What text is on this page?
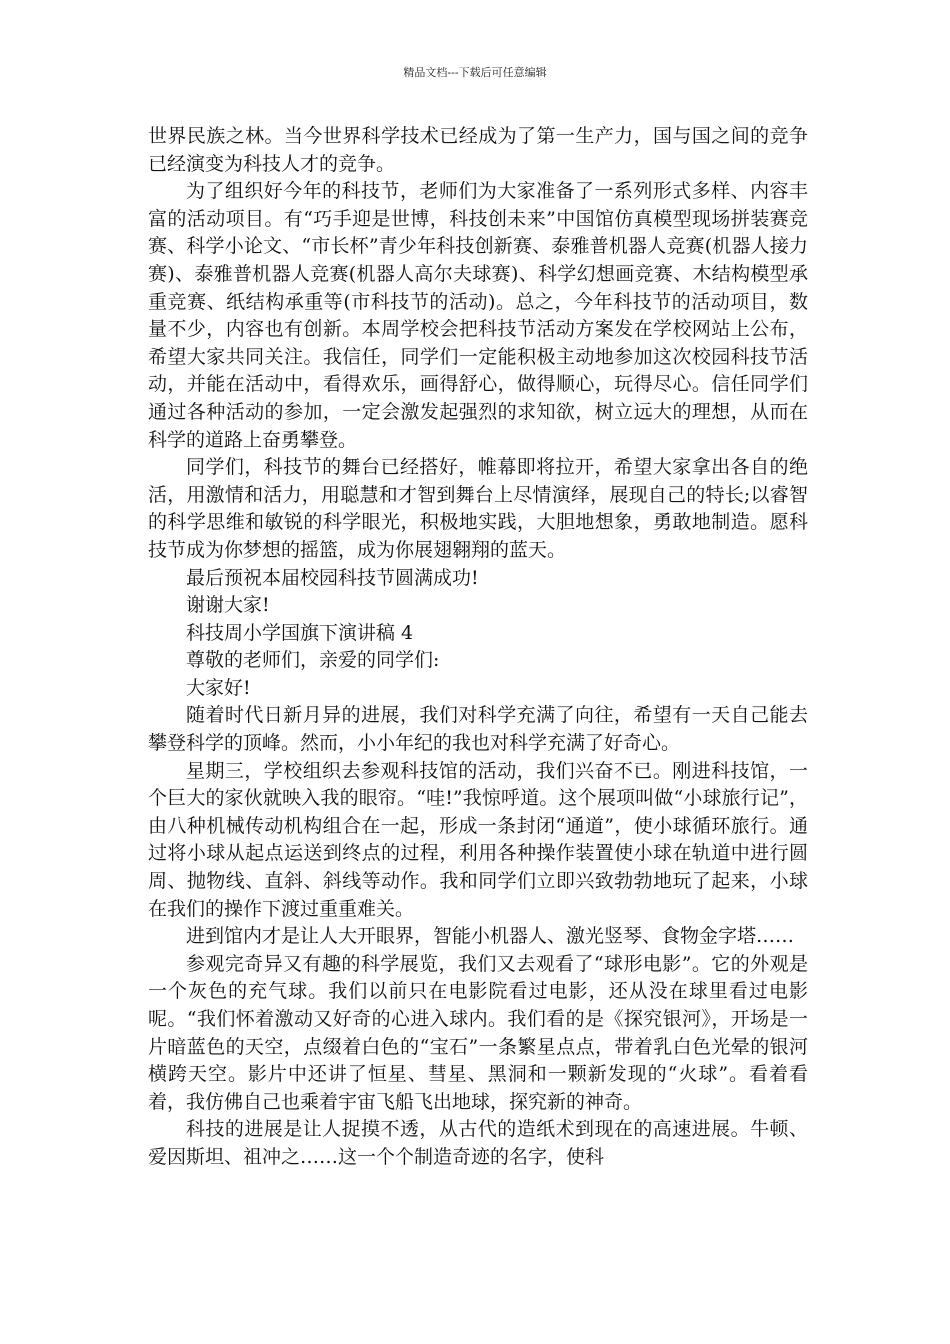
精品文档---下载后可任意编辑

世界民族之林。当今世界科学技术已经成为了第一生产力，国与国之间的竞争已经演变为科技人才的竞争。

为了组织好今年的科技节，老师们为大家准备了一系列形式多样、内容丰富的活动项目。有“巧手迎是世博，科技创未来”中国馆仿真模型现场拼装赛竞赛、科学小论文、“市长杯”青少年科技创新赛、泰雅普机器人竞赛(机器人接力赛)、泰雅普机器人竞赛(机器人高尔夫球赛)、科学幻想画竞赛、木结构模型承重竞赛、纸结构承重等(市科技节的活动)。总之，今年科技节的活动项目，数量不少，内容也有创新。本周学校会把科技节活动方案发在学校网站上公布，希望大家共同关注。我信任，同学们一定能积极主动地参加这次校园科技节活动，并能在活动中，看得欢乐，画得舒心，做得顺心，玩得尽心。信任同学们通过各种活动的参加，一定会激发起强烈的求知欲，树立远大的理想，从而在科学的道路上奋勇攀登。

同学们，科技节的舞台已经搭好，帷幕即将拉开，希望大家拿出各自的绝活，用激情和活力，用聪慧和才智到舞台上尽情演绎，展现自己的特长;以睿智的科学思维和敏锐的科学眼光，积极地实践，大胆地想象，勇敢地制造。愿科技节成为你梦想的摇篮，成为你展翅翱翔的蓝天。

最后预祝本届校园科技节圆满成功!

谢谢大家!

科技周小学国旗下演讲稿 4

尊敬的老师们，亲爱的同学们:

大家好!

随着时代日新月异的进展，我们对科学充满了向往，希望有一天自己能去攀登科学的顶峰。然而，小小年纪的我也对科学充满了好奇心。

星期三，学校组织去参观科技馆的活动，我们兴奋不已。刚进科技馆，一个巨大的家伙就映入我的眼帘。“哇!”我惊呼道。这个展项叫做“小球旅行记”，由八种机械传动机构组合在一起，形成一条封闭“通道”，使小球循环旅行。通过将小球从起点运送到终点的过程，利用各种操作装置使小球在轨道中进行圆周、抛物线、直斜、斜线等动作。我和同学们立即兴致勃勃地玩了起来，小球在我们的操作下渡过重重难关。

进到馆内才是让人大开眼界，智能小机器人、激光竖琴、食物金字塔……

参观完奇异又有趣的科学展览，我们又去观看了“球形电影”。它的外观是一个灰色的充气球。我们以前只在电影院看过电影，还从没在球里看过电影呢。“我们怀着激动又好奇的心进入球内。我们看的是《探究银河》，开场是一片暗蓝色的天空，点缀着白色的“宝石”一条繁星点点，带着乳白色光晕的银河横跨天空。影片中还讲了恒星、彗星、黑洞和一颗新发现的“火球”。看着看着，我仿佛自己也乘着宇宙飞船飞出地球，探究新的神奇。

科技的进展是让人捉摸不透，从古代的造纸术到现在的高速进展。牛顿、爱因斯坦、祖冲之……这一个个制造奇迹的名字，使科
